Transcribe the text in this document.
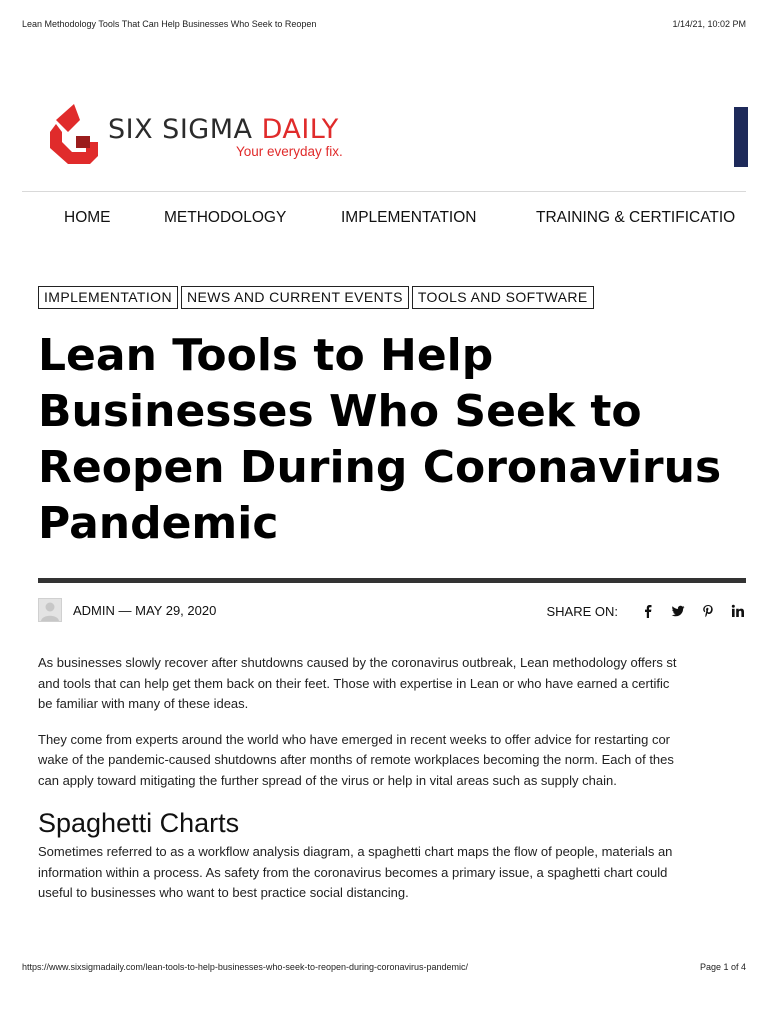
Lean Methodology Tools That Can Help Businesses Who Seek to Reopen	1/14/21, 10:02 PM
SIX SIGMA DAILY
Your everyday fix.
HOME	METHODOLOGY	IMPLEMENTATION	TRAINING & CERTIFICATIO
IMPLEMENTATION	NEWS AND CURRENT EVENTS	TOOLS AND SOFTWARE
Lean Tools to Help
Businesses Who Seek to
Reopen During Coronavirus
Pandemic
ADMIN — MAY 29, 2020	SHARE ON:

As businesses slowly recover after shutdowns caused by the coronavirus outbreak, Lean methodology offers st
and tools that can help get them back on their feet. Those with expertise in Lean or who have earned a certific
be familiar with many of these ideas.

They come from experts around the world who have emerged in recent weeks to offer advice for restarting cor
wake of the pandemic-caused shutdowns after months of remote workplaces becoming the norm. Each of thes
can apply toward mitigating the further spread of the virus or help in vital areas such as supply chain.

Spaghetti Charts

Sometimes referred to as a workflow analysis diagram, a spaghetti chart maps the flow of people, materials an
information within a process. As safety from the coronavirus becomes a primary issue, a spaghetti chart could
useful to businesses who want to best practice social distancing.

https://www.sixsigmadaily.com/lean-tools-to-help-businesses-who-seek-to-reopen-during-coronavirus-pandemic/	Page 1 of 4
